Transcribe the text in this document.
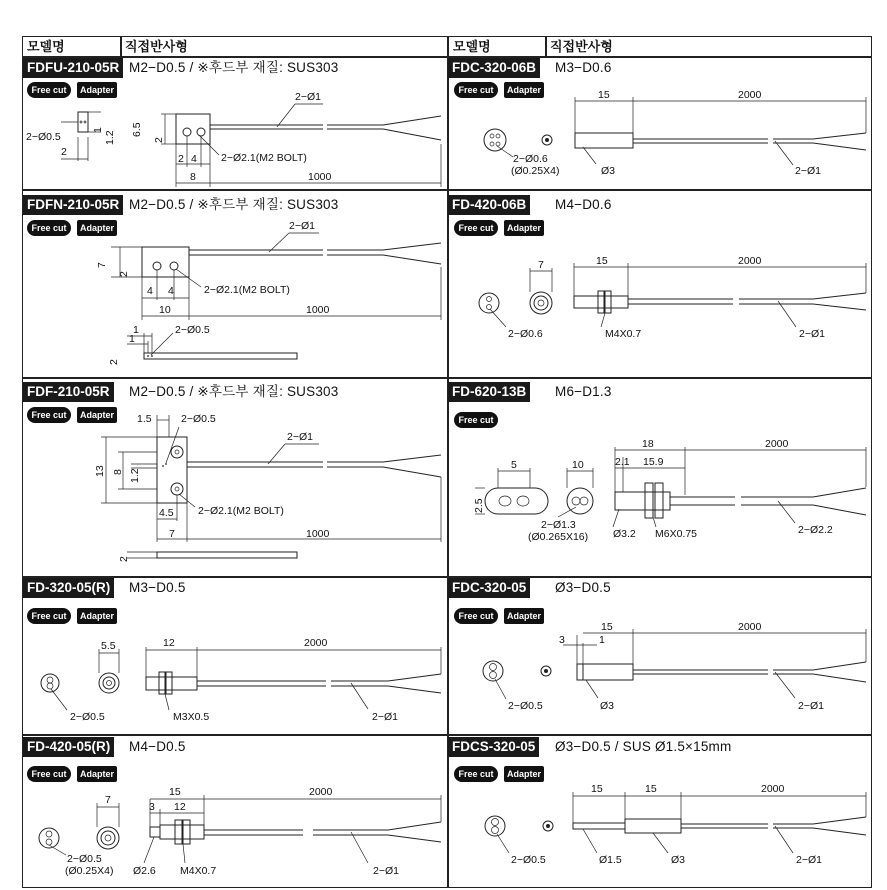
모델명	직접반사형	모델명	직접반사형
FDFU-210-05R M2−D0.5 / ※후드부 재질: SUS303	FDC-320-06B M3−D0.6
FDFN-210-05R M2−D0.5 / ※후드부 재질: SUS303	FD-420-06B M4−D0.6
FDF-210-05R M2−D0.5 / ※후드부 재질: SUS303	FD-620-13B M6−D1.3
FD-320-05(R) M3−D0.5	FDC-320-05 Ø3−D0.5
FD-420-05(R) M4−D0.5	FDCS-320-05 Ø3−D0.5 / SUS Ø1.5×15mm
Free cut	Adapter	Free cut	Adapter
Free cut	Adapter	Free cut	Adapter
Free cut	Adapter	Free cut
Free cut	Adapter	Free cut	Adapter
Free cut	Adapter	Free cut	Adapter
2−Ø0.5
2
1
1.2
6.5
2
2 4 2−Ø2.1(M2 BOLT)
2−Ø1
8	1000
2−Ø0.6
(Ø0.25X4)
15	2000
Ø3	2−Ø1
7
2
4 4	2−Ø2.1(M2 BOLT)
2−Ø1
10	1000
1
1
2
2−Ø0.5	2−Ø0.6
7	15	2000
M4X0.7	2−Ø1
1.5	2−Ø0.5
13 8 1.2
2−Ø1
4.5 2−Ø2.1(M2 BOLT)
7	1000
2
5
2.5
10
2−Ø1.3
(Ø0.265X16)
18	2000
2.1 15.9
Ø3.2 M6X0.75	2−Ø2.2
2−Ø0.5
5.5	12	2000
M3X0.5	2−Ø1
2−Ø0.5
15	2000
3	1
Ø3	2−Ø1
2−Ø0.5
(Ø0.25X4)
7
15	2000
3 12
Ø2.6 M4X0.7	2−Ø1
2−Ø0.5
15	15	2000
Ø1.5	Ø3	2−Ø1
